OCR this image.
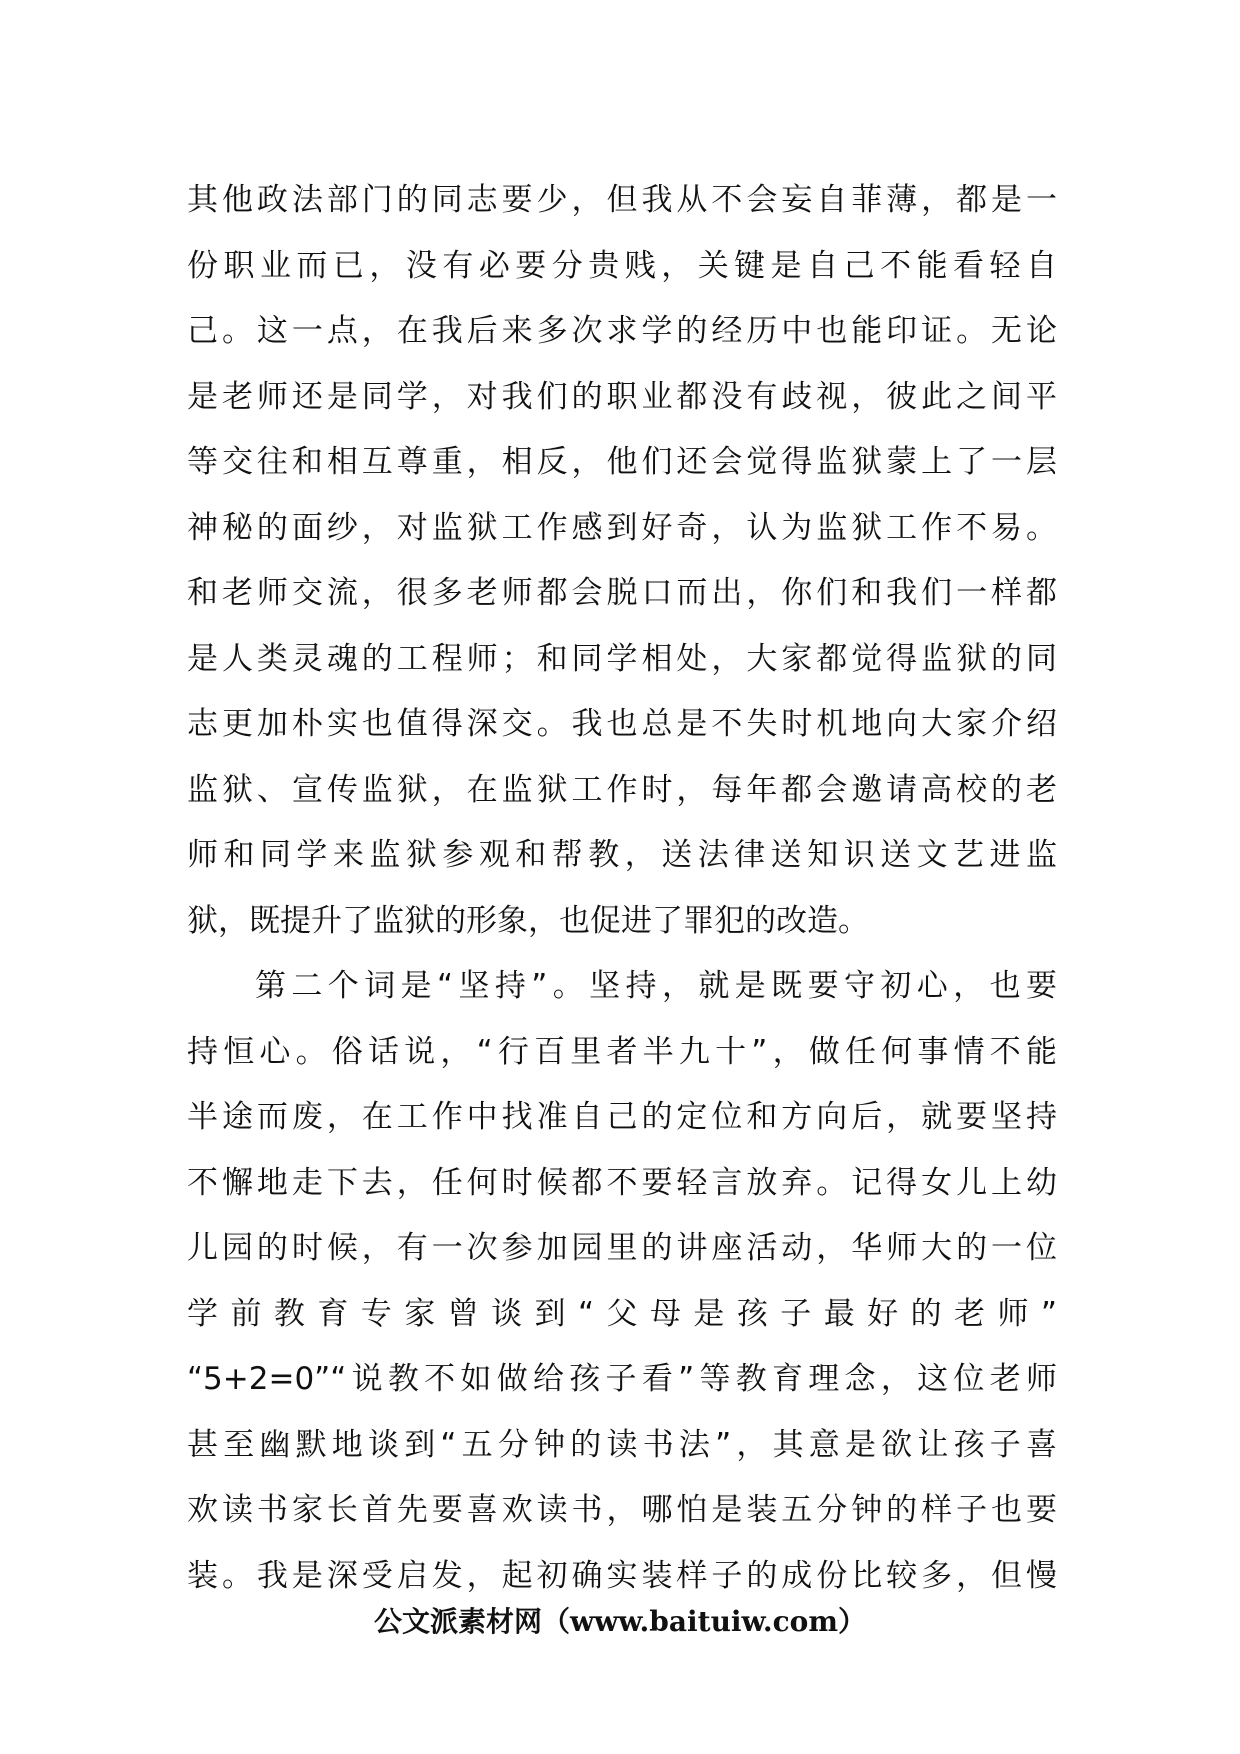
其他政法部门的同志要少，但我从不会妄自菲薄，都是一
份职业而已，没有必要分贵贱，关键是自己不能看轻自
己。这一点，在我后来多次求学的经历中也能印证。无论
是老师还是同学，对我们的职业都没有歧视，彼此之间平
等交往和相互尊重，相反，他们还会觉得监狱蒙上了一层
神秘的面纱，对监狱工作感到好奇，认为监狱工作不易。
和老师交流，很多老师都会脱口而出，你们和我们一样都
是人类灵魂的工程师；和同学相处，大家都觉得监狱的同
志更加朴实也值得深交。我也总是不失时机地向大家介绍
监狱、宣传监狱，在监狱工作时，每年都会邀请高校的老
师和同学来监狱参观和帮教，送法律送知识送文艺进监
狱，既提升了监狱的形象，也促进了罪犯的改造。
第二个词是“坚持”。坚持，就是既要守初心，也要
持恒心。俗话说，“行百里者半九十”，做任何事情不能
半途而废，在工作中找准自己的定位和方向后，就要坚持
不懈地走下去，任何时候都不要轻言放弃。记得女儿上幼
儿园的时候，有一次参加园里的讲座活动，华师大的一位
学前教育专家曾谈到“父母是孩子最好的老师”
“5+2=0”“说教不如做给孩子看”等教育理念，这位老师
甚至幽默地谈到“五分钟的读书法”，其意是欲让孩子喜
欢读书家长首先要喜欢读书，哪怕是装五分钟的样子也要
装。我是深受启发，起初确实装样子的成份比较多，但慢
公文派素材网（www.baituiw.com）
